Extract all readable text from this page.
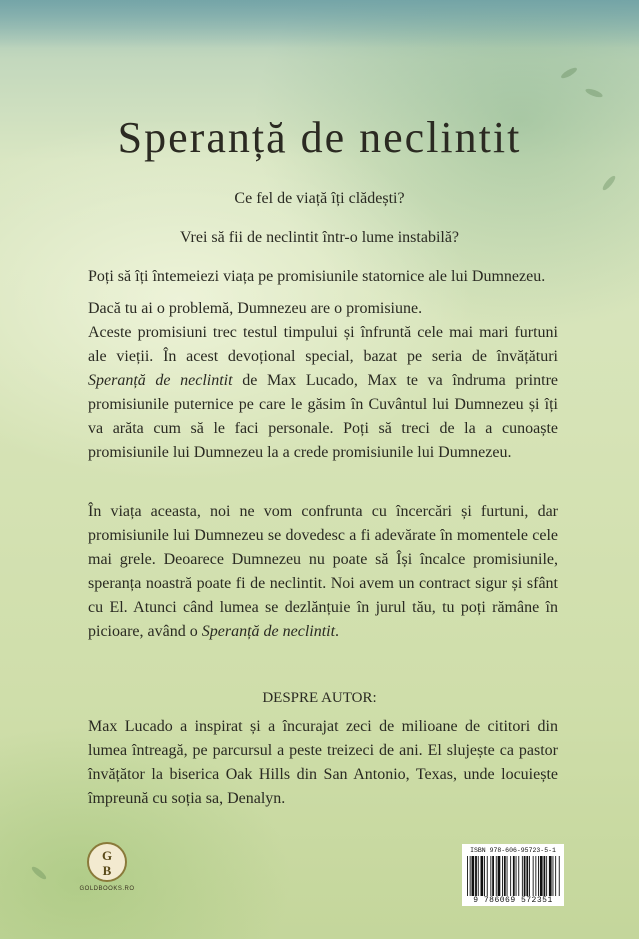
Speranță de neclintit

Ce fel de viață îți clădești?

Vrei să fii de neclintit într-o lume instabilă?

Poți să îți întemeiezi viața pe promisiunile statornice ale lui Dumnezeu.

Dacă tu ai o problemă, Dumnezeu are o promisiune.
Aceste promisiuni trec testul timpului și înfruntă cele mai mari furtuni ale vieții. În acest devoțional special, bazat pe seria de învățături Speranță de neclintit de Max Lucado, Max te va îndruma printre promisiunile puternice pe care le găsim în Cuvântul lui Dumnezeu și îți va arăta cum să le faci personale. Poți să treci de la a cunoaște promisiunile lui Dumnezeu la a crede promisiunile lui Dumnezeu.

În viața aceasta, noi ne vom confrunta cu încercări și furtuni, dar promisiunile lui Dumnezeu se dovedesc a fi adevărate în momentele cele mai grele. Deoarece Dumnezeu nu poate să Își încalce promisiunile, speranța noastră poate fi de neclintit. Noi avem un contract sigur și sfânt cu El. Atunci când lumea se dezlănțuie în jurul tău, tu poți rămâne în picioare, având o Speranță de neclintit.

DESPRE AUTOR:

Max Lucado a inspirat și a încurajat zeci de milioane de cititori din lumea întreagă, pe parcursul a peste treizeci de ani. El slujește ca pastor învățător la biserica Oak Hills din San Antonio, Texas, unde locuiește împreună cu soția sa, Denalyn.

G
B
GOLDBOOKS.RO
ISBN 978-606-95723-5-1
9 786069 572351
